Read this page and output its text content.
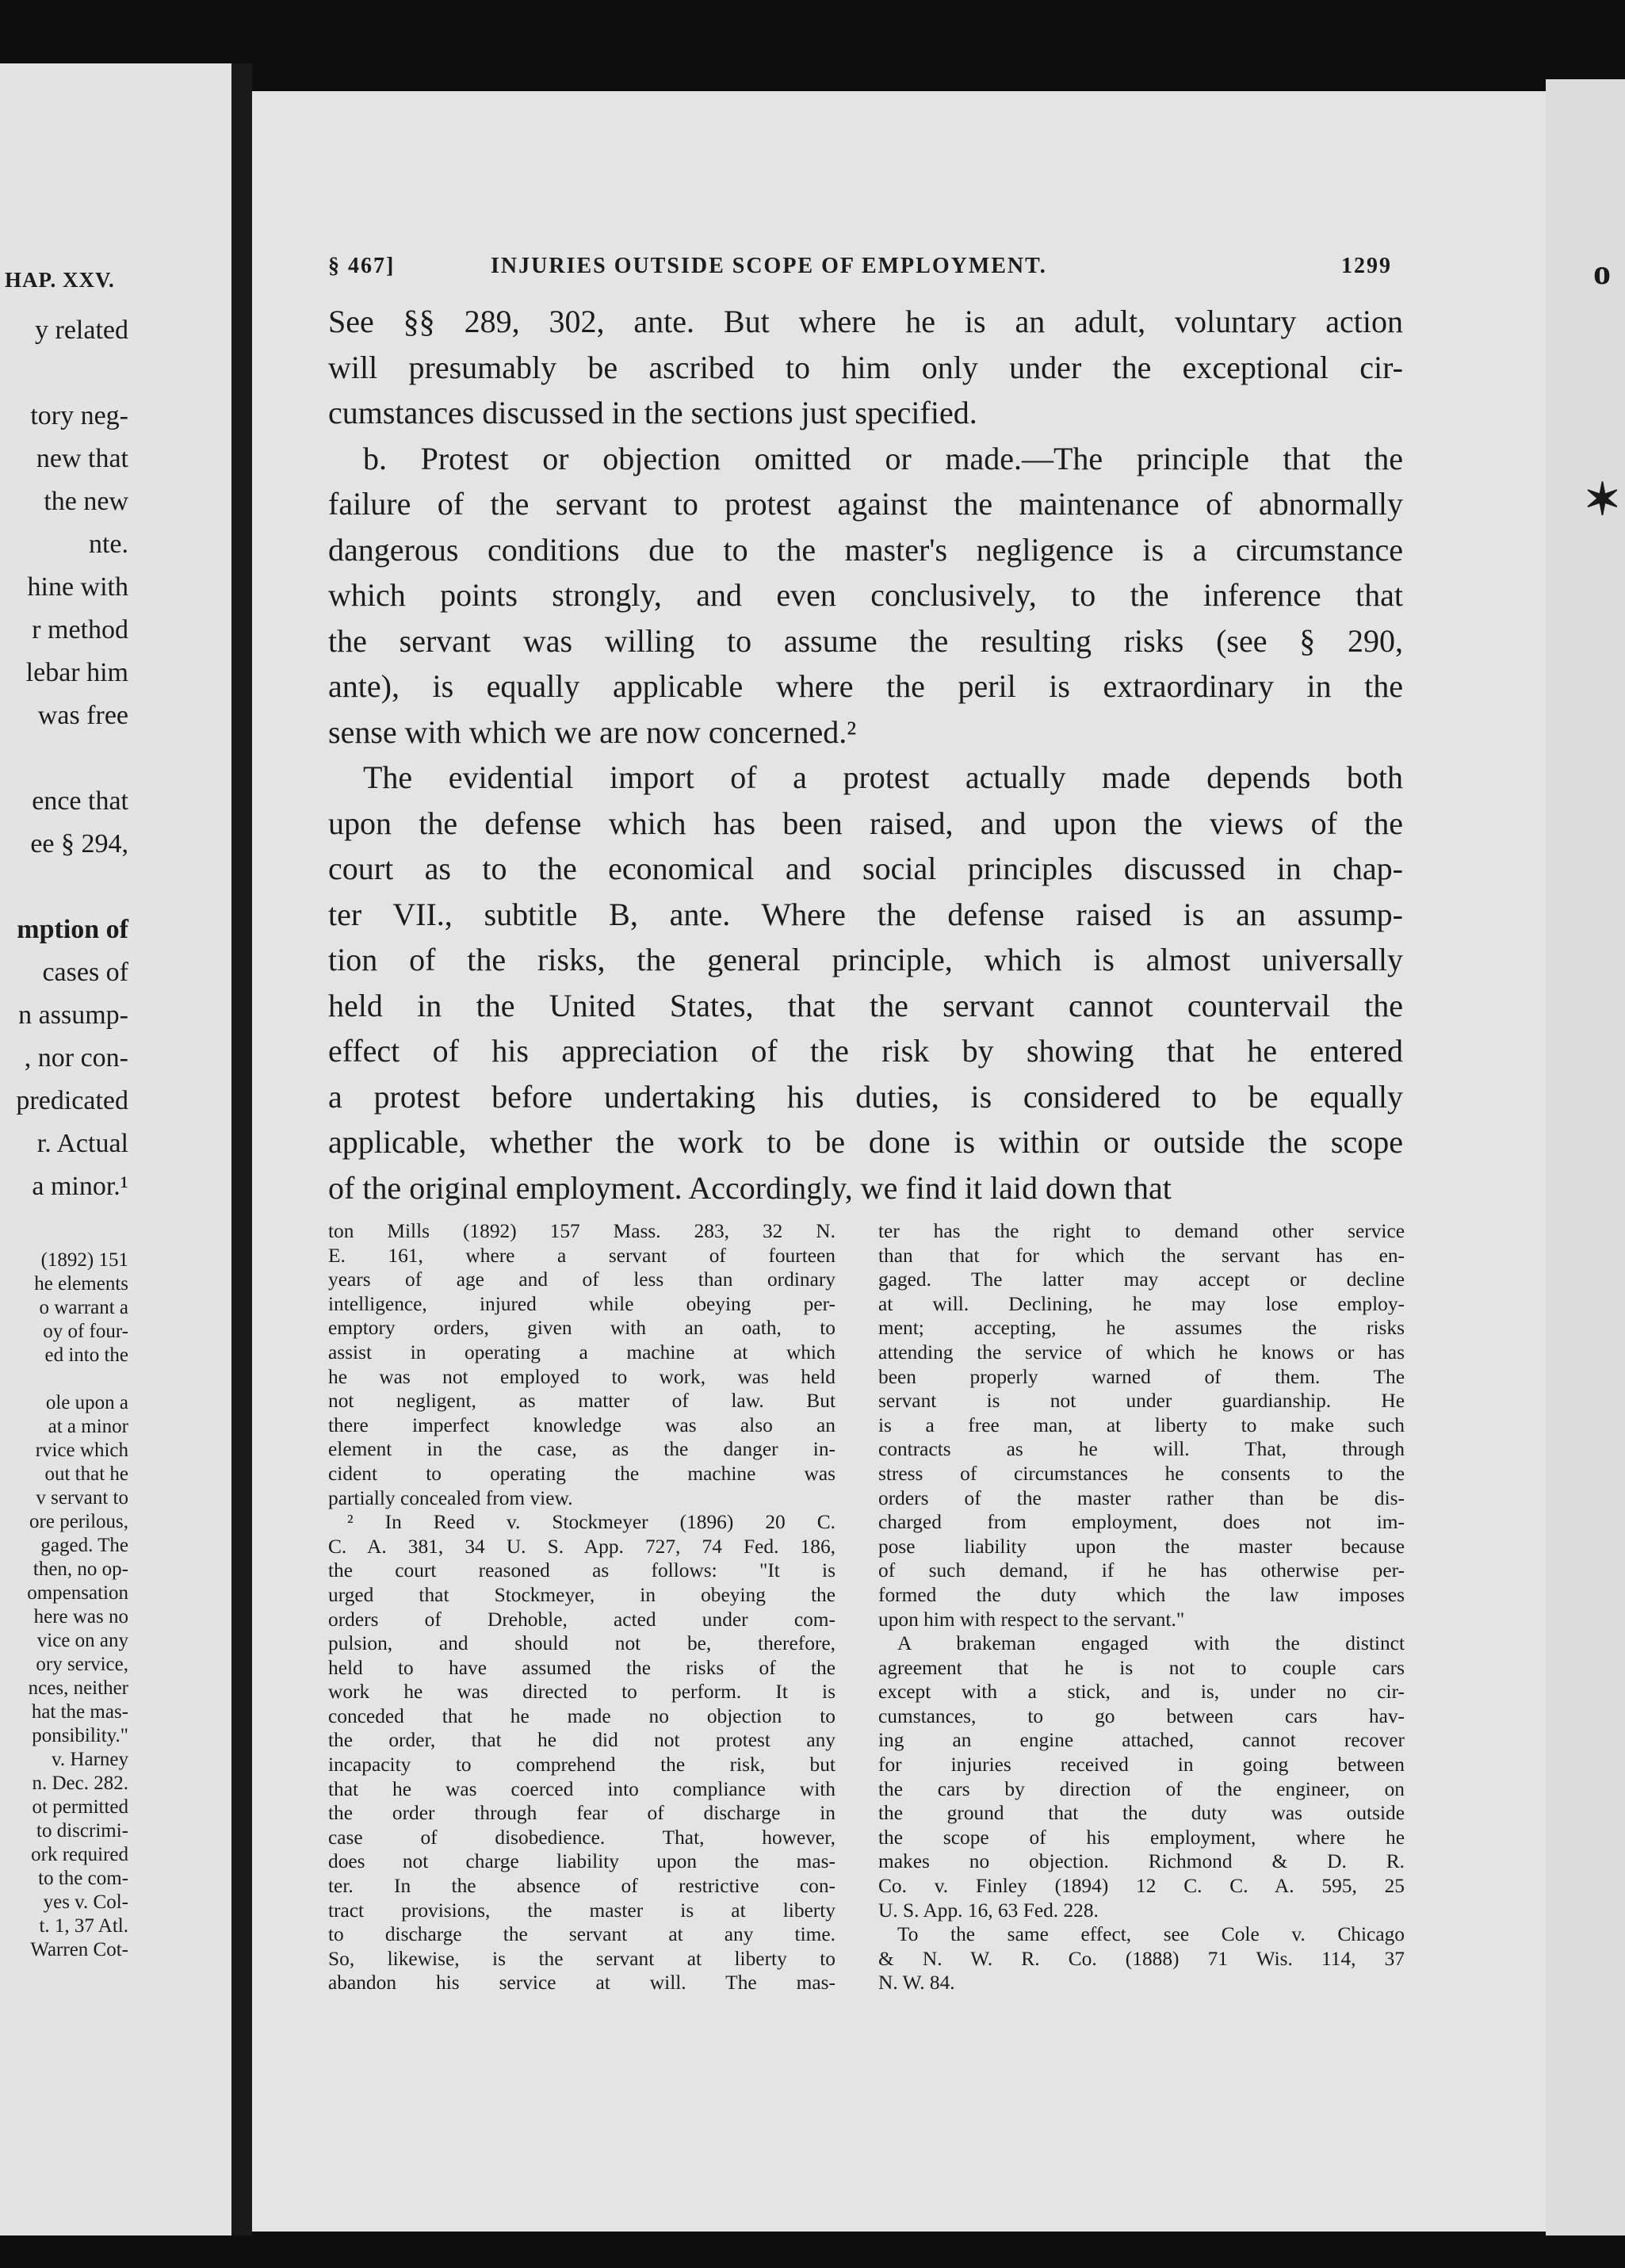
HAP. XXV.
y related
tory neg-
new that
the new
nte.
hine with
r method
lebar him
was free
ence that
ee § 294,
mption of
cases of
n assump-
, nor con-
predicated
r. Actual
a minor.¹
(1892) 151
he elements
o warrant a
oy of four-
ed into the
ole upon a
at a minor
rvice which
out that he
v servant to
ore perilous,
gaged. The
then, no op-
ompensation
here was no
vice on any
ory service,
nces, neither
hat the mas-
ponsibility."
v. Harney
n. Dec. 282.
ot permitted
to discrimi-
ork required
to the com-
yes v. Col-
t. 1, 37 Atl.
Warren Cot-
§ 467]	INJURIES OUTSIDE SCOPE OF EMPLOYMENT.	1299
See §§ 289, 302, ante. But where he is an adult, voluntary action
will presumably be ascribed to him only under the exceptional cir-
cumstances discussed in the sections just specified.
b. Protest or objection omitted or made.—The principle that the
failure of the servant to protest against the maintenance of abnormally
dangerous conditions due to the master's negligence is a circumstance
which points strongly, and even conclusively, to the inference that
the servant was willing to assume the resulting risks (see § 290,
ante), is equally applicable where the peril is extraordinary in the
sense with which we are now concerned.²
The evidential import of a protest actually made depends both
upon the defense which has been raised, and upon the views of the
court as to the economical and social principles discussed in chap-
ter VII., subtitle B, ante. Where the defense raised is an assump-
tion of the risks, the general principle, which is almost universally
held in the United States, that the servant cannot countervail the
effect of his appreciation of the risk by showing that he entered
a protest before undertaking his duties, is considered to be equally
applicable, whether the work to be done is within or outside the scope
of the original employment. Accordingly, we find it laid down that
ton Mills (1892) 157 Mass. 283, 32 N.
E. 161, where a servant of fourteen
years of age and of less than ordinary
intelligence, injured while obeying per-
emptory orders, given with an oath, to
assist in operating a machine at which
he was not employed to work, was held
not negligent, as matter of law. But
there imperfect knowledge was also an
element in the case, as the danger in-
cident to operating the machine was
partially concealed from view.
² In Reed v. Stockmeyer (1896) 20 C.
C. A. 381, 34 U. S. App. 727, 74 Fed. 186,
the court reasoned as follows: "It is
urged that Stockmeyer, in obeying the
orders of Drehoble, acted under com-
pulsion, and should not be, therefore,
held to have assumed the risks of the
work he was directed to perform. It is
conceded that he made no objection to
the order, that he did not protest any
incapacity to comprehend the risk, but
that he was coerced into compliance with
the order through fear of discharge in
case of disobedience. That, however,
does not charge liability upon the mas-
ter. In the absence of restrictive con-
tract provisions, the master is at liberty
to discharge the servant at any time.
So, likewise, is the servant at liberty to
abandon his service at will. The mas-
ter has the right to demand other service
than that for which the servant has en-
gaged. The latter may accept or decline
at will. Declining, he may lose employ-
ment; accepting, he assumes the risks
attending the service of which he knows or has
been properly warned of them. The
servant is not under guardianship. He
is a free man, at liberty to make such
contracts as he will. That, through
stress of circumstances he consents to the
orders of the master rather than be dis-
charged from employment, does not im-
pose liability upon the master because
of such demand, if he has otherwise per-
formed the duty which the law imposes
upon him with respect to the servant."
A brakeman engaged with the distinct
agreement that he is not to couple cars
except with a stick, and is, under no cir-
cumstances, to go between cars hav-
ing an engine attached, cannot recover
for injuries received in going between
the cars by direction of the engineer, on
the ground that the duty was outside
the scope of his employment, where he
makes no objection. Richmond & D. R.
Co. v. Finley (1894) 12 C. C. A. 595, 25
U. S. App. 16, 63 Fed. 228.
To the same effect, see Cole v. Chicago
& N. W. R. Co. (1888) 71 Wis. 114, 37
N. W. 84.
o
✶
